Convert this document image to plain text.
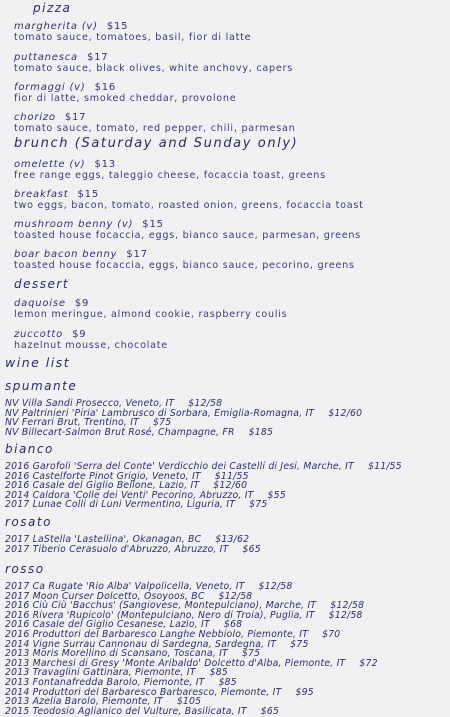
pizza
margherita (v) $15
tomato sauce, tomatoes, basil, fior di latte
puttanesca $17
tomato sauce, black olives, white anchovy, capers
formaggi (v) $16
fior di latte, smoked cheddar, provolone
chorizo $17
tomato sauce, tomato, red pepper, chili, parmesan
brunch (Saturday and Sunday only)
omelette (v) $13
free range eggs, taleggio cheese, focaccia toast, greens
breakfast $15
two eggs, bacon, tomato, roasted onion, greens, focaccia toast
mushroom benny (v) $15
toasted house focaccia, eggs, bianco sauce, parmesan, greens
boar bacon benny $17
toasted house focaccia, eggs, bianco sauce, pecorino, greens
dessert
daquoise $9
lemon meringue, almond cookie, raspberry coulis
zuccotto $9
hazelnut mousse, chocolate
wine list
spumante
NV Villa Sandi Prosecco, Veneto, IT $12/58
NV Paltrinieri 'Piria' Lambrusco di Sorbara, Emiglia-Romagna, IT $12/60
NV Ferrari Brut, Trentino, IT $75
NV Billecart-Salmon Brut Rosé, Champagne, FR $185
bianco
2016 Garofoli 'Serra del Conte' Verdicchio dei Castelli di Jesi, Marche, IT $11/55
2016 Castelforte Pinot Grigio, Veneto, IT $11/55
2016 Casale del Giglio Bellone, Lazio, IT $12/60
2014 Caldora 'Colle dei Venti' Pecorino, Abruzzo, IT $55
2017 Lunae Colli di Luni Vermentino, Liguria, IT $75
rosato
2017 LaStella 'Lastellina', Okanagan, BC $13/62
2017 Tiberio Cerasuolo d'Abruzzo, Abruzzo, IT $65
rosso
2017 Ca Rugate 'Rio Alba' Valpolicella, Veneto, IT $12/58
2017 Moon Curser Dolcetto, Osoyoos, BC $12/58
2016 Ciù Ciù 'Bacchus' (Sangiovese, Montepulciano), Marche, IT $12/58
2016 Rivera 'Rupicolo' (Montepulciano, Nero di Troia), Puglia, IT $12/58
2016 Casale del Giglio Cesanese, Lazio, IT $68
2016 Produttori del Barbaresco Langhe Nebbiolo, Piemonte, IT $70
2014 Vigne Surrau Cannonau di Sardegna, Sardegna, IT $75
2013 Moris Morellino di Scansano, Toscana, IT $75
2013 Marchesi di Gresy 'Monte Aribaldo' Dolcetto d'Alba, Piemonte, IT $72
2013 Travaglini Gattinara, Piemonte, IT $85
2013 Fontanafredda Barolo, Piemonte, IT $85
2014 Produttori del Barbaresco Barbaresco, Piemonte, IT $95
2013 Azelia Barolo, Piemonte, IT $105
2015 Teodosio Aglianico del Vulture, Basilicata, IT $65
